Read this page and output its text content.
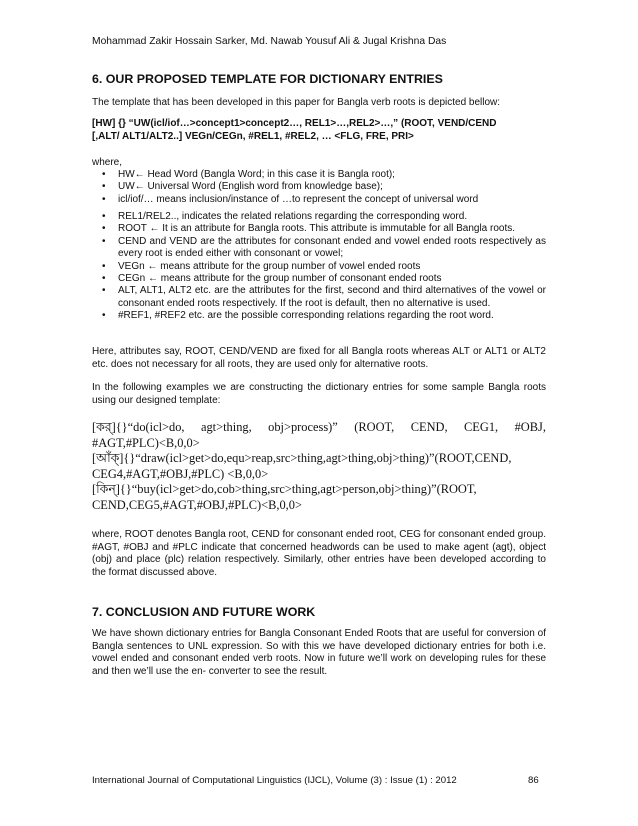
Mohammad Zakir Hossain Sarker, Md. Nawab Yousuf Ali & Jugal Krishna Das
6. OUR PROPOSED TEMPLATE FOR DICTIONARY ENTRIES
The template that has been developed in this paper for Bangla verb roots is depicted bellow:
[HW] {} “UW(icl/iof…>concept1>concept2…, REL1>…,REL2>…,” (ROOT, VEND/CEND
[,ALT/ ALT1/ALT2..] VEGn/CEGn, #REL1, #REL2, … <FLG, FRE, PRI>
where,
• HW← Head Word (Bangla Word; in this case it is Bangla root);
• UW← Universal Word (English word from knowledge base);
• icl/iof/… means inclusion/instance of …to represent the concept of universal word
• REL1/REL2.., indicates the related relations regarding the corresponding word.
• ROOT ← It is an attribute for Bangla roots. This attribute is immutable for all Bangla roots.
• CEND and VEND are the attributes for consonant ended and vowel ended roots respectively as every root is ended either with consonant or vowel;
• VEGn ← means attribute for the group number of vowel ended roots
• CEGn ← means attribute for the group number of consonant ended roots
• ALT, ALT1, ALT2 etc. are the attributes for the first, second and third alternatives of the vowel or consonant ended roots respectively. If the root is default, then no alternative is used.
• #REF1, #REF2 etc. are the possible corresponding relations regarding the root word.
Here, attributes say, ROOT, CEND/VEND are fixed for all Bangla roots whereas ALT or ALT1 or ALT2 etc. does not necessary for all roots, they are used only for alternative roots.
In the following examples we are constructing the dictionary entries for some sample Bangla roots using our designed template:
[কর্]{}“do(icl>do, agt>thing, obj>process)” (ROOT, CEND, CEG1, #OBJ,
#AGT,#PLC)<B,0,0>
[আঁক্]{}“draw(icl>get>do,equ>reap,src>thing,agt>thing,obj>thing)”(ROOT,CEND,
CEG4,#AGT,#OBJ,#PLC) <B,0,0>
[কিন্]{}“buy(icl>get>do,cob>thing,src>thing,agt>person,obj>thing)”(ROOT,
CEND,CEG5,#AGT,#OBJ,#PLC)<B,0,0>
where, ROOT denotes Bangla root, CEND for consonant ended root, CEG for consonant ended group. #AGT, #OBJ and #PLC indicate that concerned headwords can be used to make agent (agt), object (obj) and place (plc) relation respectively. Similarly, other entries have been developed according to the format discussed above.
7. CONCLUSION AND FUTURE WORK
We have shown dictionary entries for Bangla Consonant Ended Roots that are useful for conversion of Bangla sentences to UNL expression. So with this we have developed dictionary entries for both i.e. vowel ended and consonant ended verb roots. Now in future we’ll work on developing rules for these and then we’ll use the en- converter to see the result.
International Journal of Computational Linguistics (IJCL), Volume (3) : Issue (1) : 2012	86
